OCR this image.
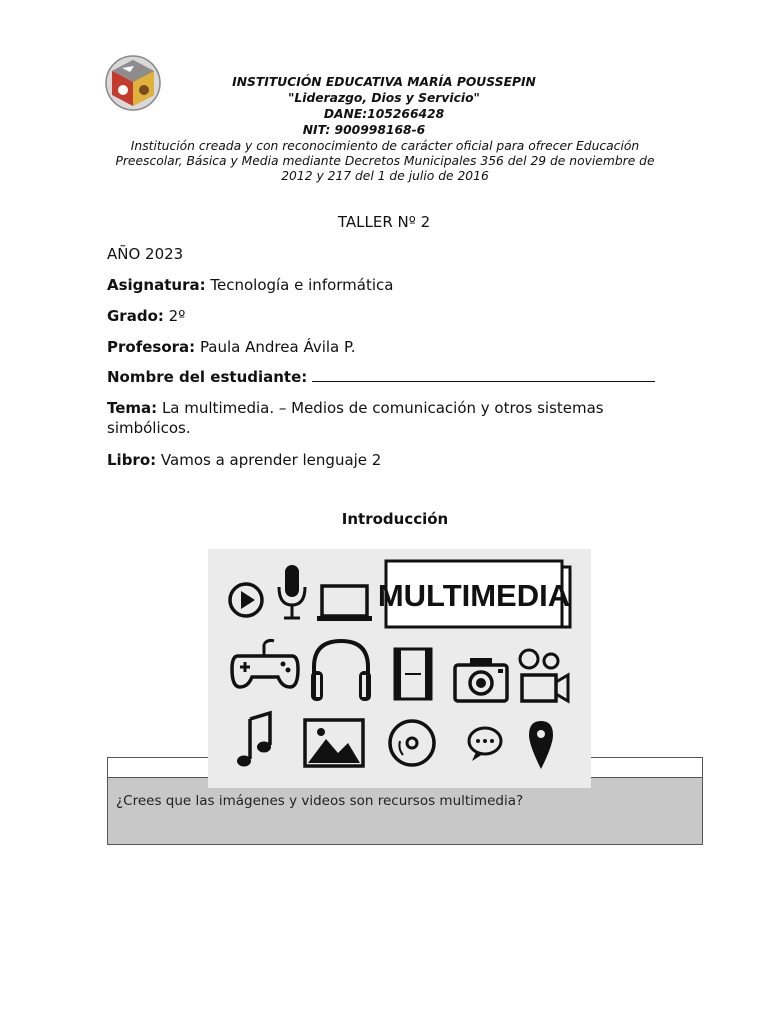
INSTITUCIÓN EDUCATIVA MARÍA POUSSEPIN
"Liderazgo, Dios y Servicio"
DANE:105266428
NIT: 900998168-6
Institución creada y con reconocimiento de carácter oficial para ofrecer Educación
Preescolar, Básica y Media mediante Decretos Municipales 356 del 29 de noviembre de
2012 y 217 del 1 de julio de 2016
TALLER Nº 2
AÑO 2023
Asignatura: Tecnología e informática
Grado: 2º
Profesora: Paula Andrea Ávila P.
Nombre del estudiante:
Tema: La multimedia. – Medios de comunicación y otros sistemas
simbólicos.
Libro: Vamos a aprender lenguaje 2
Introducción
¿Crees que las imágenes y videos son recursos multimedia?
MULTIMEDIA
